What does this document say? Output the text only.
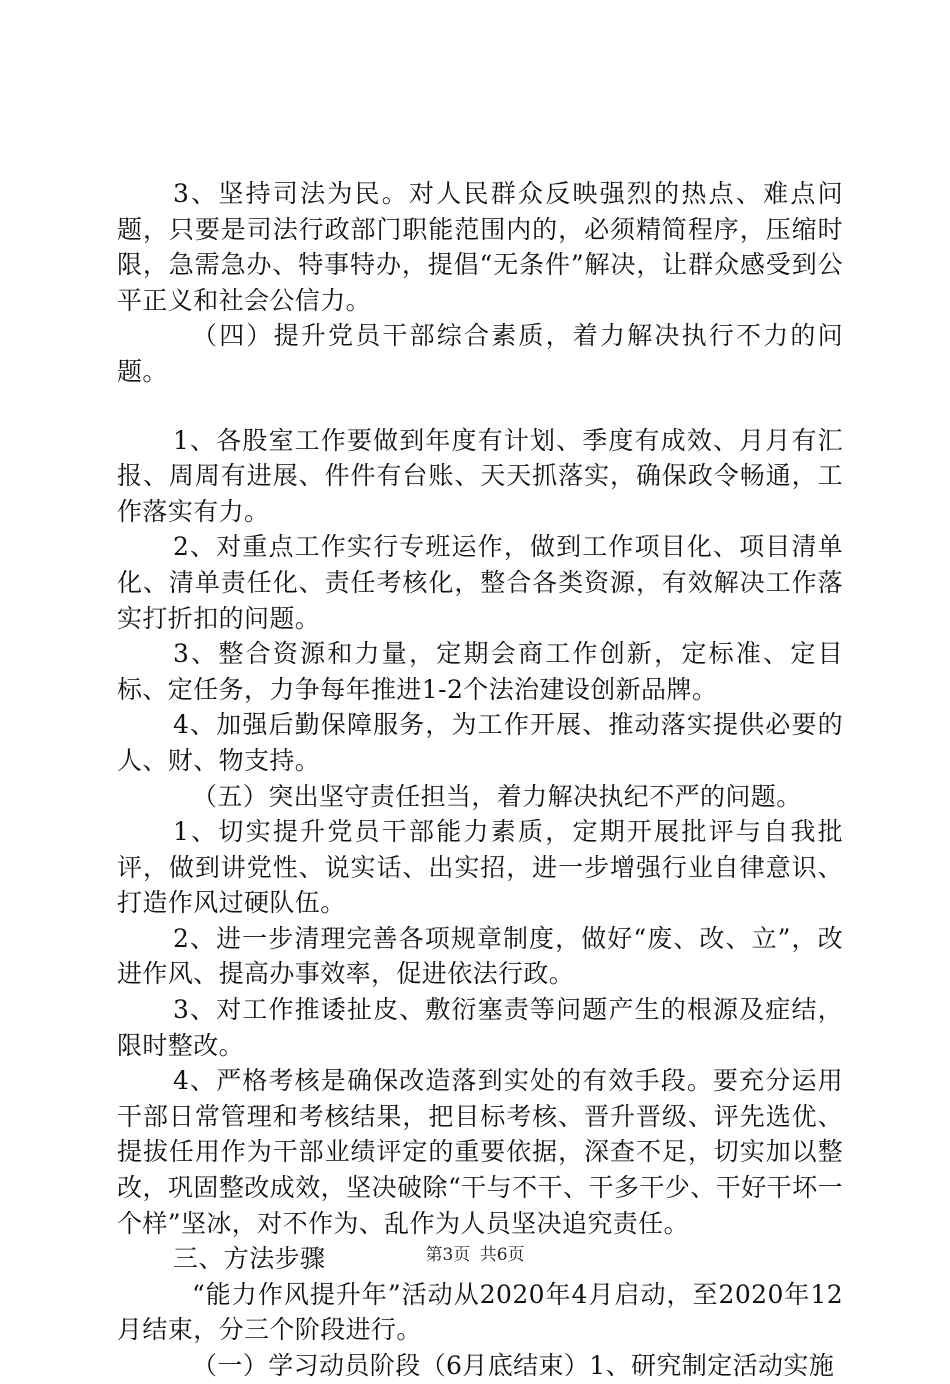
3、坚持司法为民。对人民群众反映强烈的热点、难点问题，只要是司法行政部门职能范围内的，必须精简程序，压缩时限，急需急办、特事特办，提倡“无条件”解决，让群众感受到公平正义和社会公信力。

（四）提升党员干部综合素质，着力解决执行不力的问题。

1、各股室工作要做到年度有计划、季度有成效、月月有汇报、周周有进展、件件有台账、天天抓落实，确保政令畅通，工作落实有力。

2、对重点工作实行专班运作，做到工作项目化、项目清单化、清单责任化、责任考核化，整合各类资源，有效解决工作落实打折扣的问题。

3、整合资源和力量，定期会商工作创新，定标准、定目标、定任务，力争每年推进1-2个法治建设创新品牌。

4、加强后勤保障服务，为工作开展、推动落实提供必要的人、财、物支持。

（五）突出坚守责任担当，着力解决执纪不严的问题。

1、切实提升党员干部能力素质，定期开展批评与自我批评，做到讲党性、说实话、出实招，进一步增强行业自律意识、打造作风过硬队伍。

2、进一步清理完善各项规章制度，做好“废、改、立”，改进作风、提高办事效率，促进依法行政。

3、对工作推诿扯皮、敷衍塞责等问题产生的根源及症结，限时整改。

4、严格考核是确保改造落到实处的有效手段。要充分运用干部日常管理和考核结果，把目标考核、晋升晋级、评先选优、提拔任用作为干部业绩评定的重要依据，深查不足，切实加以整改，巩固整改成效，坚决破除“干与不干、干多干少、干好干坏一个样”坚冰，对不作为、乱作为人员坚决追究责任。

三、方法步骤

“能力作风提升年”活动从2020年4月启动，至2020年12月结束，分三个阶段进行。

（一）学习动员阶段（6月底结束）1、研究制定活动实施

第3页 共6页
